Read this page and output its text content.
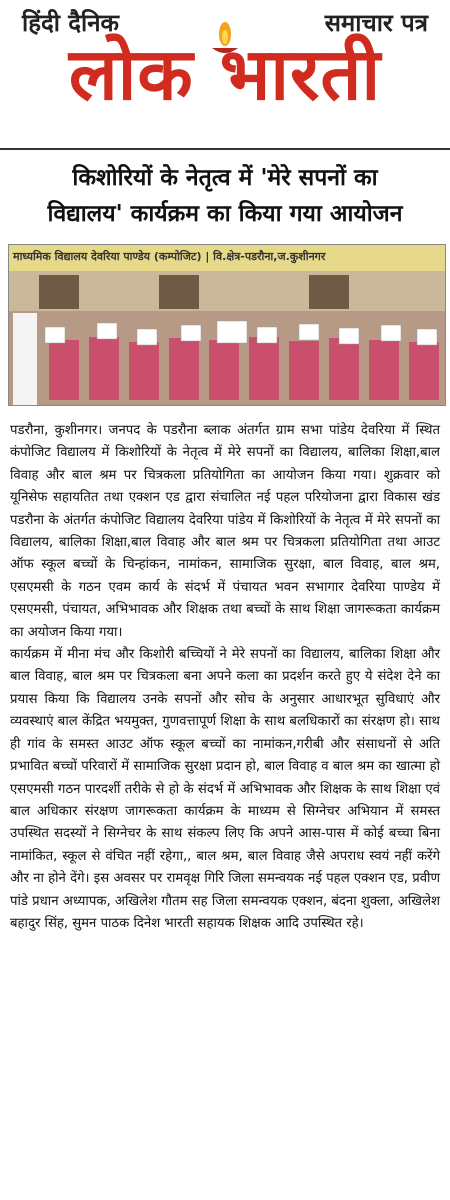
हिंदी दैनिक	समाचार पत्र
लोक भारती
किशोरियों के नेतृत्व में 'मेरे सपनों का
विद्यालय' कार्यक्रम का किया गया आयोजन
माध्यमिक विद्यालय देवरिया पाण्डेय (कम्पोजिट) | वि.क्षेत्र-पडरौना,ज.कुशीनगर

पडरौना, कुशीनगर। जनपद के पडरौना ब्लाक अंतर्गत ग्राम सभा पांडेय देवरिया में स्थित कंपोजिट विद्यालय में किशोरियों के नेतृत्व में मेरे सपनों का विद्यालय, बालिका शिक्षा,बाल विवाह और बाल श्रम पर चित्रकला प्रतियोगिता का आयोजन किया गया। शुक्रवार को यूनिसेफ सहायतित तथा एक्शन एड द्वारा संचालित नई पहल परियोजना द्वारा विकास खंड पडरौना के अंतर्गत कंपोजिट विद्यालय देवरिया पांडेय में किशोरियों के नेतृत्व में मेरे सपनों का विद्यालय, बालिका शिक्षा,बाल विवाह और बाल श्रम पर चित्रकला प्रतियोगिता तथा आउट ऑफ स्कूल बच्चों के चिन्हांकन, नामांकन, सामाजिक सुरक्षा, बाल विवाह, बाल श्रम, एसएमसी के गठन एवम कार्य के संदर्भ में पंचायत भवन सभागार देवरिया पाण्डेय में एसएमसी, पंचायत, अभिभावक और शिक्षक तथा बच्चों के साथ शिक्षा जागरूकता कार्यक्रम का अयोजन किया गया।

कार्यक्रम में मीना मंच और किशोरी बच्चियों ने मेरे सपनों का विद्यालय, बालिका शिक्षा और बाल विवाह, बाल श्रम पर चित्रकला बना अपने कला का प्रदर्शन करते हुए ये संदेश देने का प्रयास किया कि विद्यालय उनके सपनों और सोच के अनुसार आधारभूत सुविधाएं और व्यवस्थाएं बाल केंद्रित भयमुक्त, गुणवत्तापूर्ण शिक्षा के साथ बलधिकारों का संरक्षण हो। साथ ही गांव के समस्त आउट ऑफ स्कूल बच्चों का नामांकन,गरीबी और संसाधनों से अति प्रभावित बच्चों परिवारों में सामाजिक सुरक्षा प्रदान हो, बाल विवाह व बाल श्रम का खात्मा हो एसएमसी गठन पारदर्शी तरीके से हो के संदर्भ में अभिभावक और शिक्षक के साथ शिक्षा एवं बाल अधिकार संरक्षण जागरूकता कार्यक्रम के माध्यम से सिग्नेचर अभियान में समस्त उपस्थित सदस्यों ने सिग्नेचर के साथ संकल्प लिए कि अपने आस-पास में कोई बच्चा बिना नामांकित, स्कूल से वंचित नहीं रहेगा,, बाल श्रम, बाल विवाह जैसे अपराध स्वयं नहीं करेंगे और ना होने देंगे। इस अवसर पर रामवृक्ष गिरि जिला समन्वयक नई पहल एक्शन एड, प्रवीण पांडे प्रधान अध्यापक, अखिलेश गौतम सह जिला समन्वयक एक्शन, बंदना शुक्ला, अखिलेश बहादुर सिंह, सुमन पाठक दिनेश भारती सहायक शिक्षक आदि उपस्थित रहे।
